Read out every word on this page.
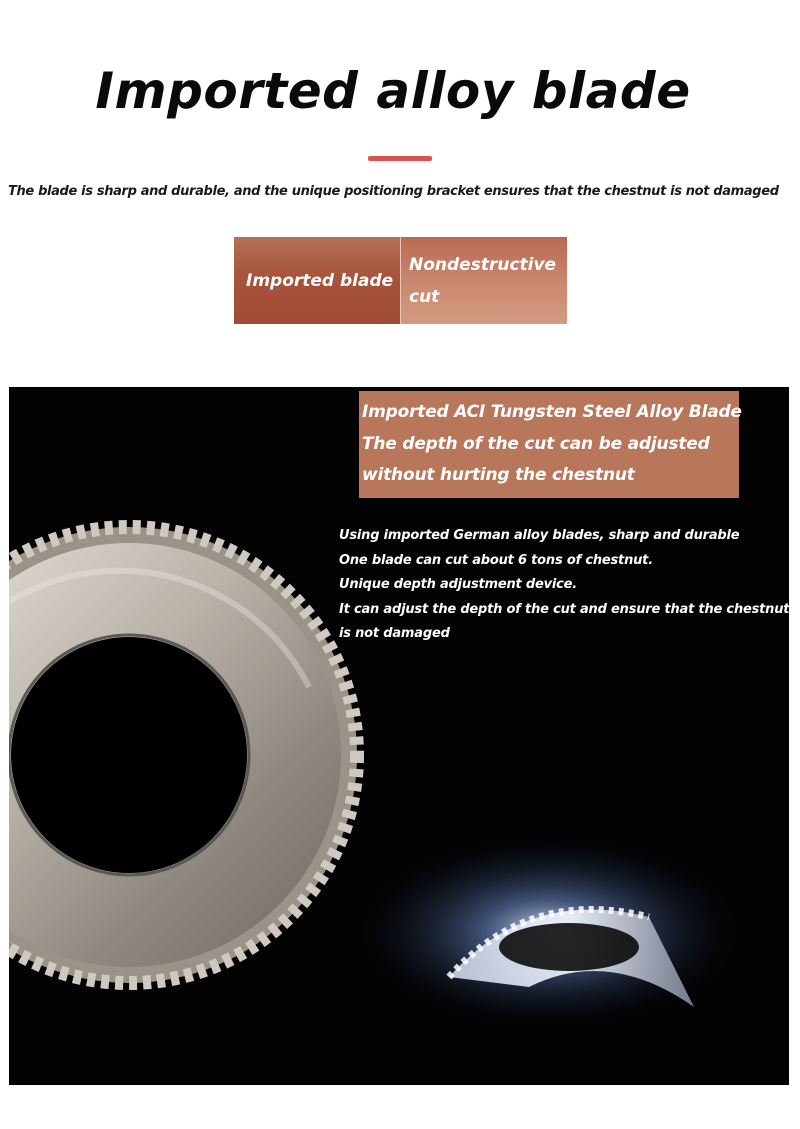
Imported alloy blade
The blade is sharp and durable, and the unique positioning bracket ensures that the chestnut is not damaged
Imported blade
Nondestructive
cut
Imported ACI Tungsten Steel Alloy Blade
The depth of the cut can be adjusted
without hurting the chestnut
Using imported German alloy blades, sharp and durable
One blade can cut about 6 tons of chestnut.
Unique depth adjustment device.
It can adjust the depth of the cut and ensure that the chestnut
is not damaged
